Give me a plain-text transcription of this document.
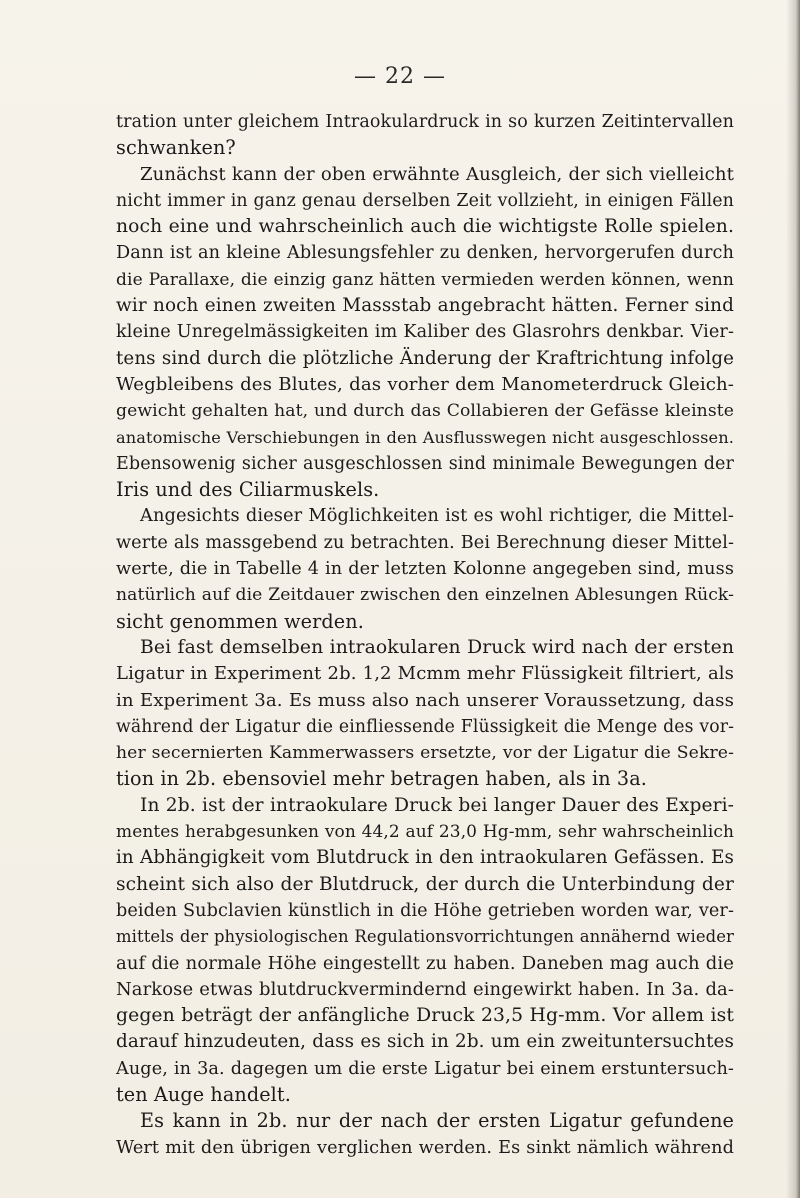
— 22 —
tration unter gleichem Intraokulardruck in so kurzen Zeitintervallen
schwanken?
Zunächst kann der oben erwähnte Ausgleich, der sich vielleicht
nicht immer in ganz genau derselben Zeit vollzieht, in einigen Fällen
noch eine und wahrscheinlich auch die wichtigste Rolle spielen.
Dann ist an kleine Ablesungsfehler zu denken, hervorgerufen durch
die Parallaxe, die einzig ganz hätten vermieden werden können, wenn
wir noch einen zweiten Massstab angebracht hätten. Ferner sind
kleine Unregelmässigkeiten im Kaliber des Glasrohrs denkbar. Vier-
tens sind durch die plötzliche Änderung der Kraftrichtung infolge
Wegbleibens des Blutes, das vorher dem Manometerdruck Gleich-
gewicht gehalten hat, und durch das Collabieren der Gefässe kleinste
anatomische Verschiebungen in den Ausflusswegen nicht ausgeschlossen.
Ebensowenig sicher ausgeschlossen sind minimale Bewegungen der
Iris und des Ciliarmuskels.
Angesichts dieser Möglichkeiten ist es wohl richtiger, die Mittel-
werte als massgebend zu betrachten. Bei Berechnung dieser Mittel-
werte, die in Tabelle 4 in der letzten Kolonne angegeben sind, muss
natürlich auf die Zeitdauer zwischen den einzelnen Ablesungen Rück-
sicht genommen werden.
Bei fast demselben intraokularen Druck wird nach der ersten
Ligatur in Experiment 2b. 1,2 Mcmm mehr Flüssigkeit filtriert, als
in Experiment 3a. Es muss also nach unserer Voraussetzung, dass
während der Ligatur die einfliessende Flüssigkeit die Menge des vor-
her secernierten Kammerwassers ersetzte, vor der Ligatur die Sekre-
tion in 2b. ebensoviel mehr betragen haben, als in 3a.
In 2b. ist der intraokulare Druck bei langer Dauer des Experi-
mentes herabgesunken von 44,2 auf 23,0 Hg-mm, sehr wahrscheinlich
in Abhängigkeit vom Blutdruck in den intraokularen Gefässen. Es
scheint sich also der Blutdruck, der durch die Unterbindung der
beiden Subclavien künstlich in die Höhe getrieben worden war, ver-
mittels der physiologischen Regulationsvorrichtungen annähernd wieder
auf die normale Höhe eingestellt zu haben. Daneben mag auch die
Narkose etwas blutdruckvermindernd eingewirkt haben. In 3a. da-
gegen beträgt der anfängliche Druck 23,5 Hg-mm. Vor allem ist
darauf hinzudeuten, dass es sich in 2b. um ein zweituntersuchtes
Auge, in 3a. dagegen um die erste Ligatur bei einem erstuntersuch-
ten Auge handelt.
Es kann in 2b. nur der nach der ersten Ligatur gefundene
Wert mit den übrigen verglichen werden. Es sinkt nämlich während
